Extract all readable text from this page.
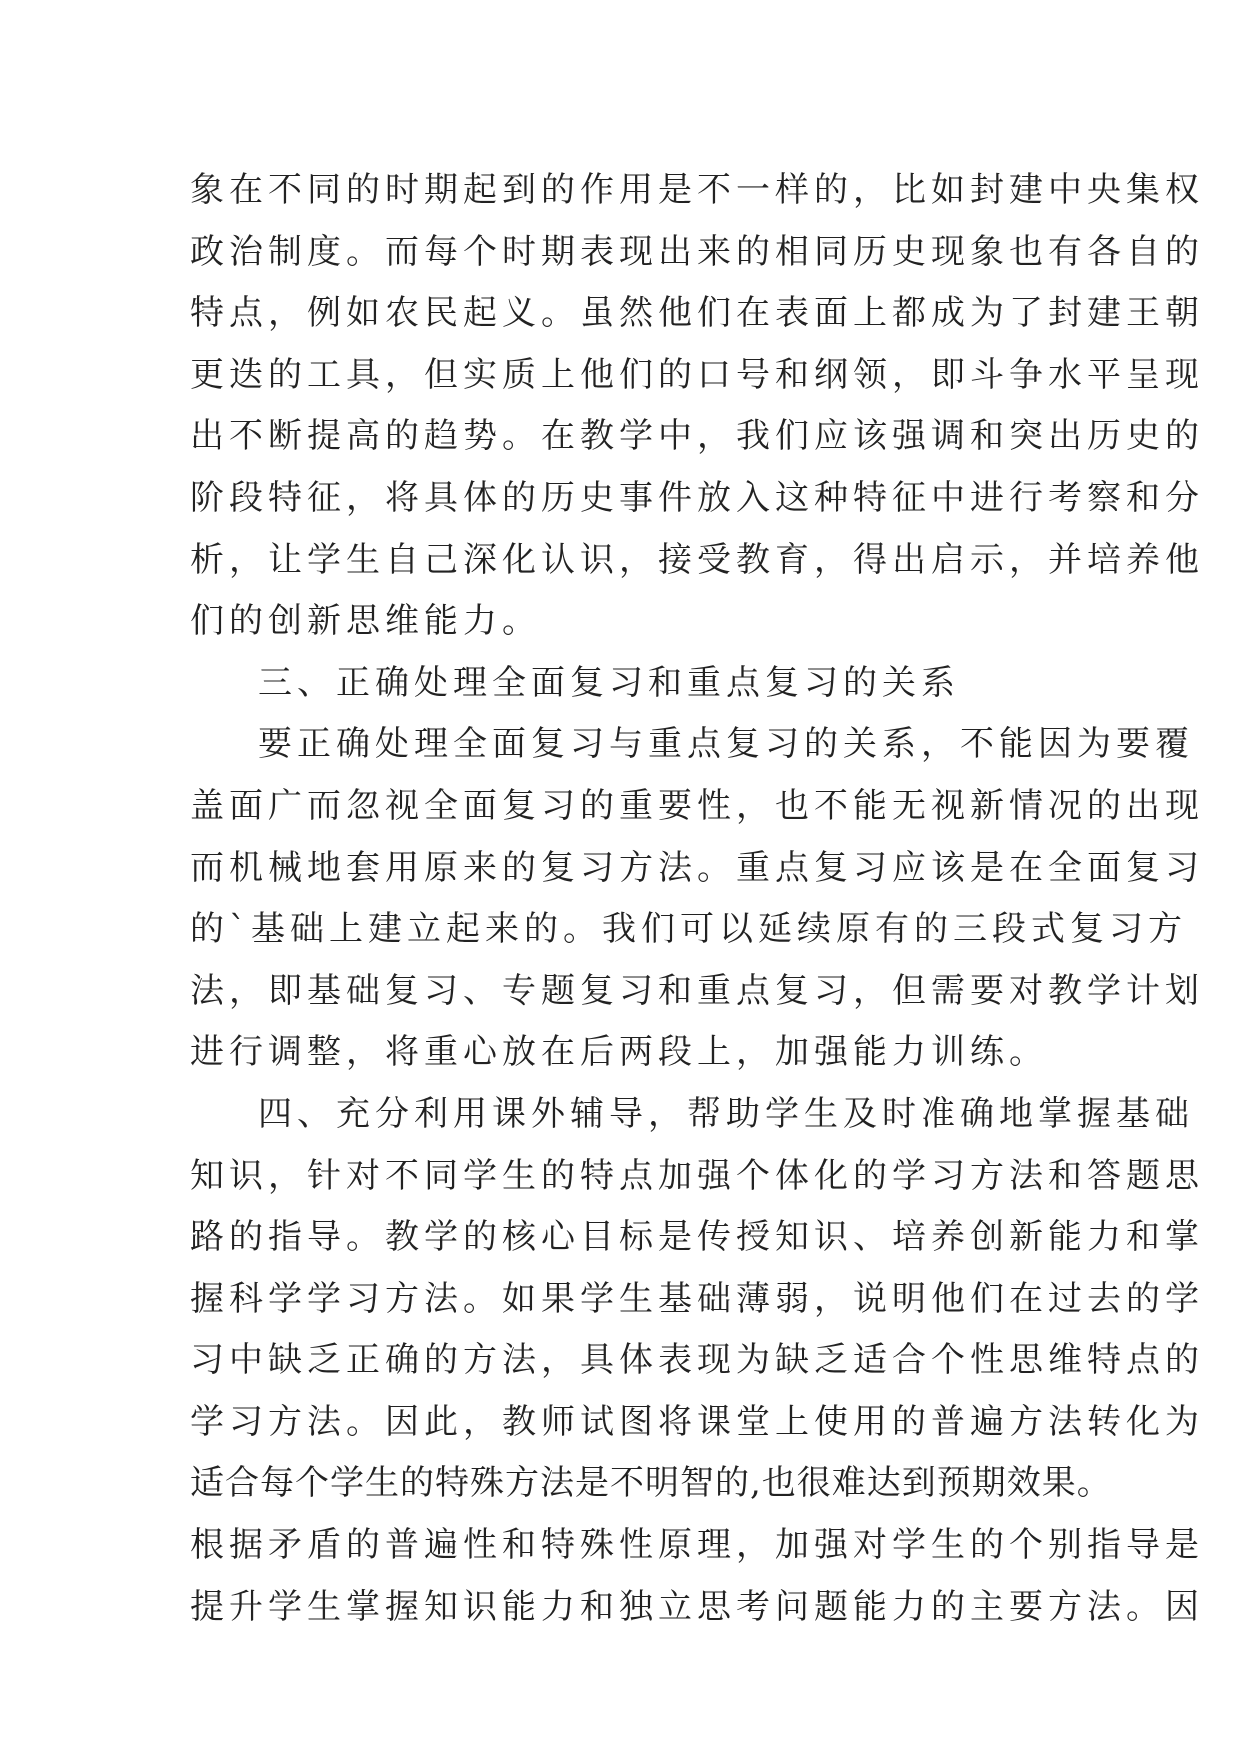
象在不同的时期起到的作用是不一样的，比如封建中央集权
政治制度。而每个时期表现出来的相同历史现象也有各自的
特点，例如农民起义。虽然他们在表面上都成为了封建王朝
更迭的工具，但实质上他们的口号和纲领，即斗争水平呈现
出不断提高的趋势。在教学中，我们应该强调和突出历史的
阶段特征，将具体的历史事件放入这种特征中进行考察和分
析，让学生自己深化认识，接受教育，得出启示，并培养他
们的创新思维能力。
三、正确处理全面复习和重点复习的关系
要正确处理全面复习与重点复习的关系，不能因为要覆
盖面广而忽视全面复习的重要性，也不能无视新情况的出现
而机械地套用原来的复习方法。重点复习应该是在全面复习
的`基础上建立起来的。我们可以延续原有的三段式复习方
法，即基础复习、专题复习和重点复习，但需要对教学计划
进行调整，将重心放在后两段上，加强能力训练。
四、充分利用课外辅导，帮助学生及时准确地掌握基础
知识，针对不同学生的特点加强个体化的学习方法和答题思
路的指导。教学的核心目标是传授知识、培养创新能力和掌
握科学学习方法。如果学生基础薄弱，说明他们在过去的学
习中缺乏正确的方法，具体表现为缺乏适合个性思维特点的
学习方法。因此，教师试图将课堂上使用的普遍方法转化为
适合每个学生的特殊方法是不明智的,也很难达到预期效果。
根据矛盾的普遍性和特殊性原理，加强对学生的个别指导是
提升学生掌握知识能力和独立思考问题能力的主要方法。因
